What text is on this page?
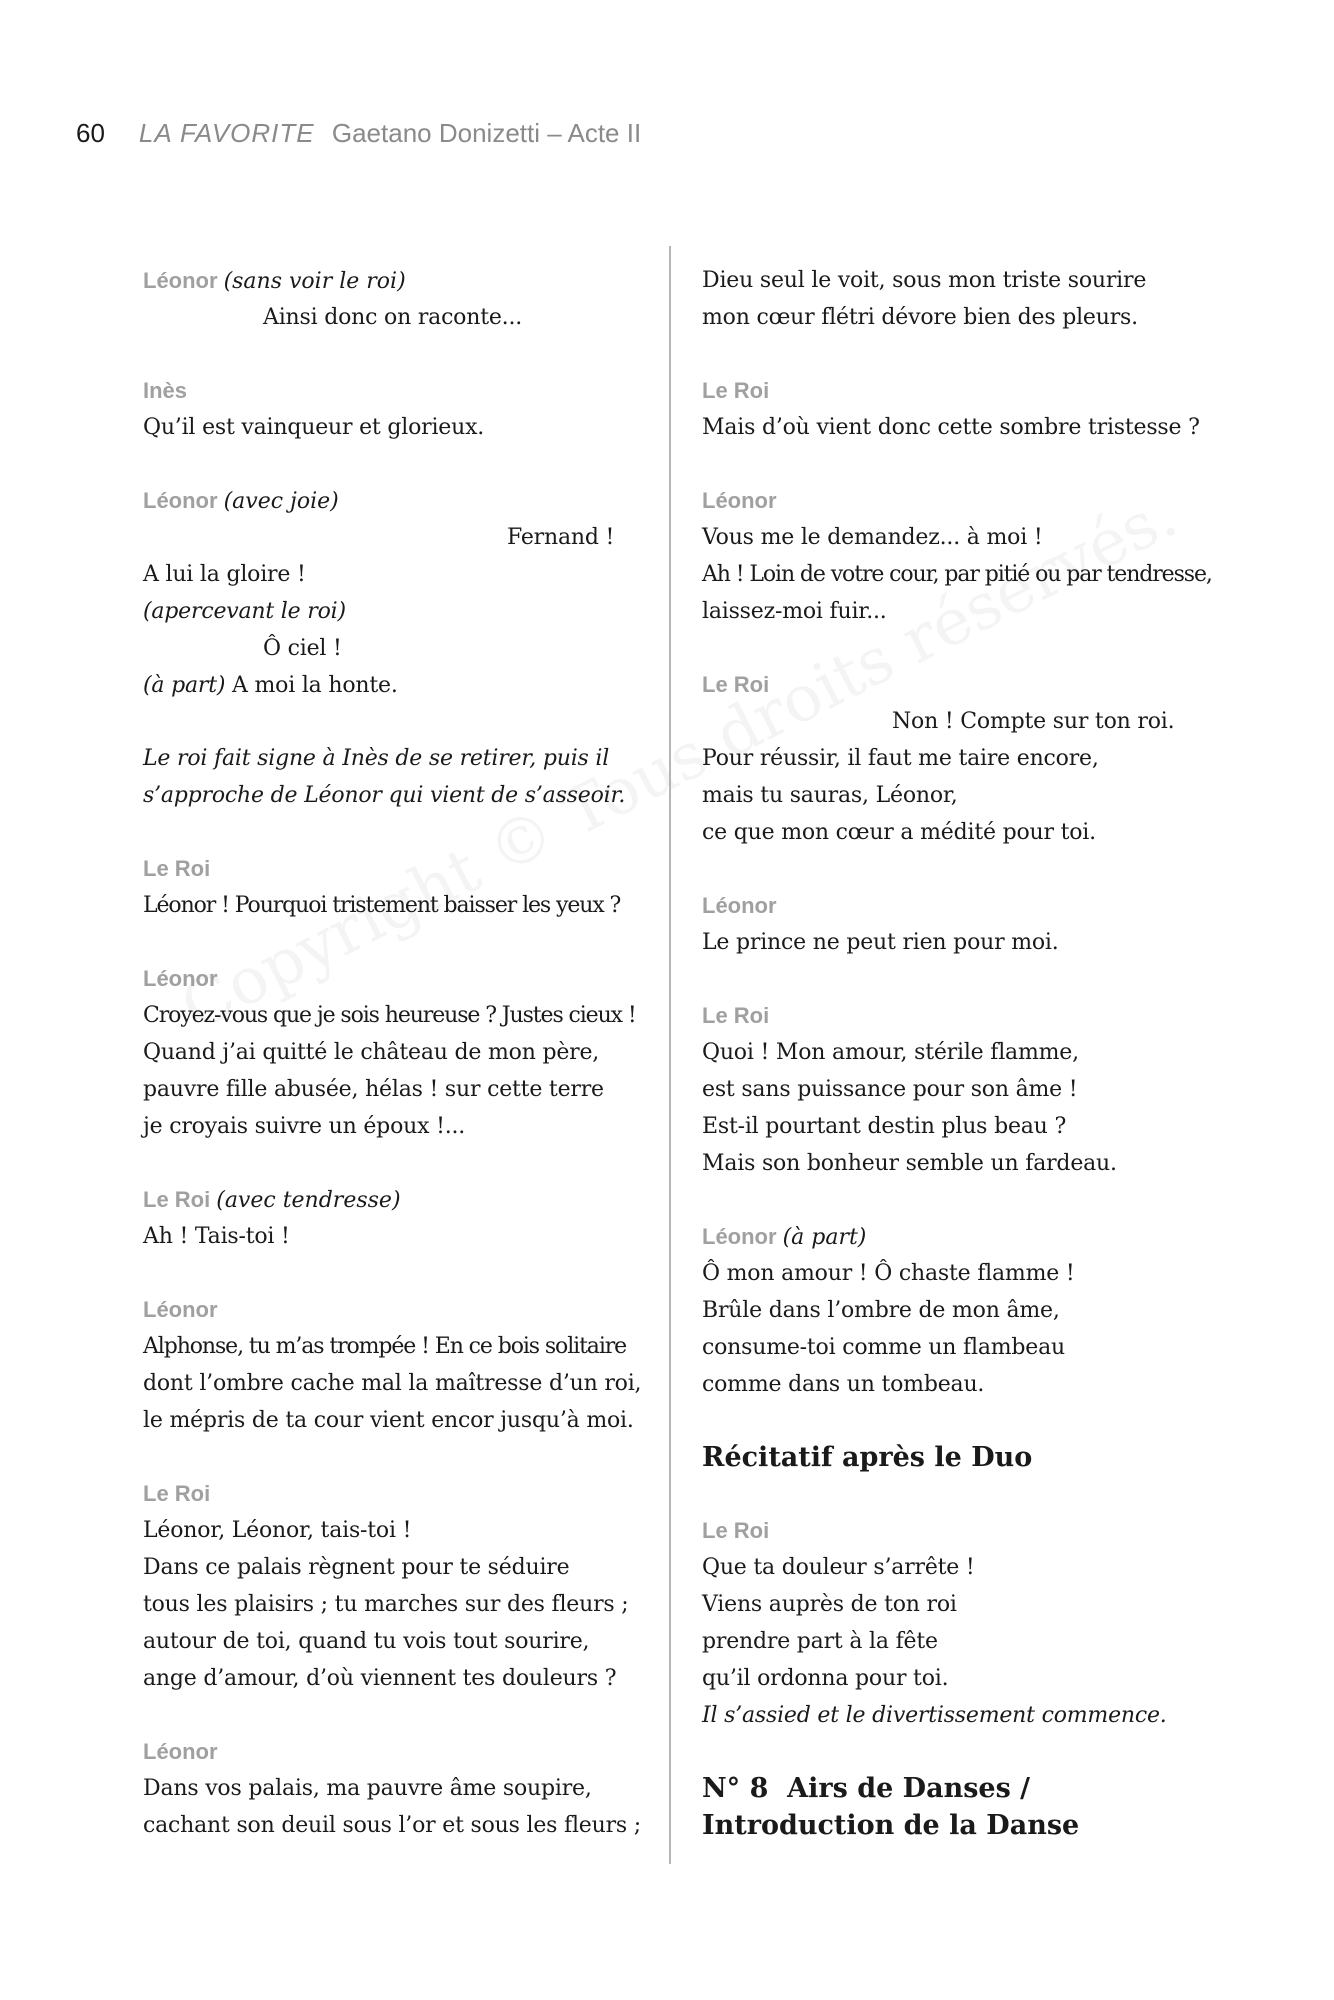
60 LA FAVORITE Gaetano Donizetti – Acte II
Léonor (sans voir le roi)
Ainsi donc on raconte...
Inès
Qu’il est vainqueur et glorieux.
Léonor (avec joie)
Fernand !
A lui la gloire !
(apercevant le roi)
Ô ciel !
(à part) A moi la honte.
Le roi fait signe à Inès de se retirer, puis il
s’approche de Léonor qui vient de s’asseoir.
Le Roi
Léonor ! Pourquoi tristement baisser les yeux ?
Léonor
Croyez-vous que je sois heureuse ? Justes cieux !
Quand j’ai quitté le château de mon père,
pauvre fille abusée, hélas ! sur cette terre
je croyais suivre un époux !...
Le Roi (avec tendresse)
Ah ! Tais-toi !
Léonor
Alphonse, tu m’as trompée ! En ce bois solitaire
dont l’ombre cache mal la maîtresse d’un roi,
le mépris de ta cour vient encor jusqu’à moi.
Le Roi
Léonor, Léonor, tais-toi !
Dans ce palais règnent pour te séduire
tous les plaisirs ; tu marches sur des fleurs ;
autour de toi, quand tu vois tout sourire,
ange d’amour, d’où viennent tes douleurs ?
Léonor
Dans vos palais, ma pauvre âme soupire,
cachant son deuil sous l’or et sous les fleurs ;
Dieu seul le voit, sous mon triste sourire
mon cœur flétri dévore bien des pleurs.
Le Roi
Mais d’où vient donc cette sombre tristesse ?
Léonor
Vous me le demandez... à moi !
Ah ! Loin de votre cour, par pitié ou par tendresse,
laissez-moi fuir...
Le Roi
Non ! Compte sur ton roi.
Pour réussir, il faut me taire encore,
mais tu sauras, Léonor,
ce que mon cœur a médité pour toi.
Léonor
Le prince ne peut rien pour moi.
Le Roi
Quoi ! Mon amour, stérile flamme,
est sans puissance pour son âme !
Est-il pourtant destin plus beau ?
Mais son bonheur semble un fardeau.
Léonor (à part)
Ô mon amour ! Ô chaste flamme !
Brûle dans l’ombre de mon âme,
consume-toi comme un flambeau
comme dans un tombeau.
Récitatif après le Duo
Le Roi
Que ta douleur s’arrête !
Viens auprès de ton roi
prendre part à la fête
qu’il ordonna pour toi.
Il s’assied et le divertissement commence.
N° 8  Airs de Danses /
Introduction de la Danse
